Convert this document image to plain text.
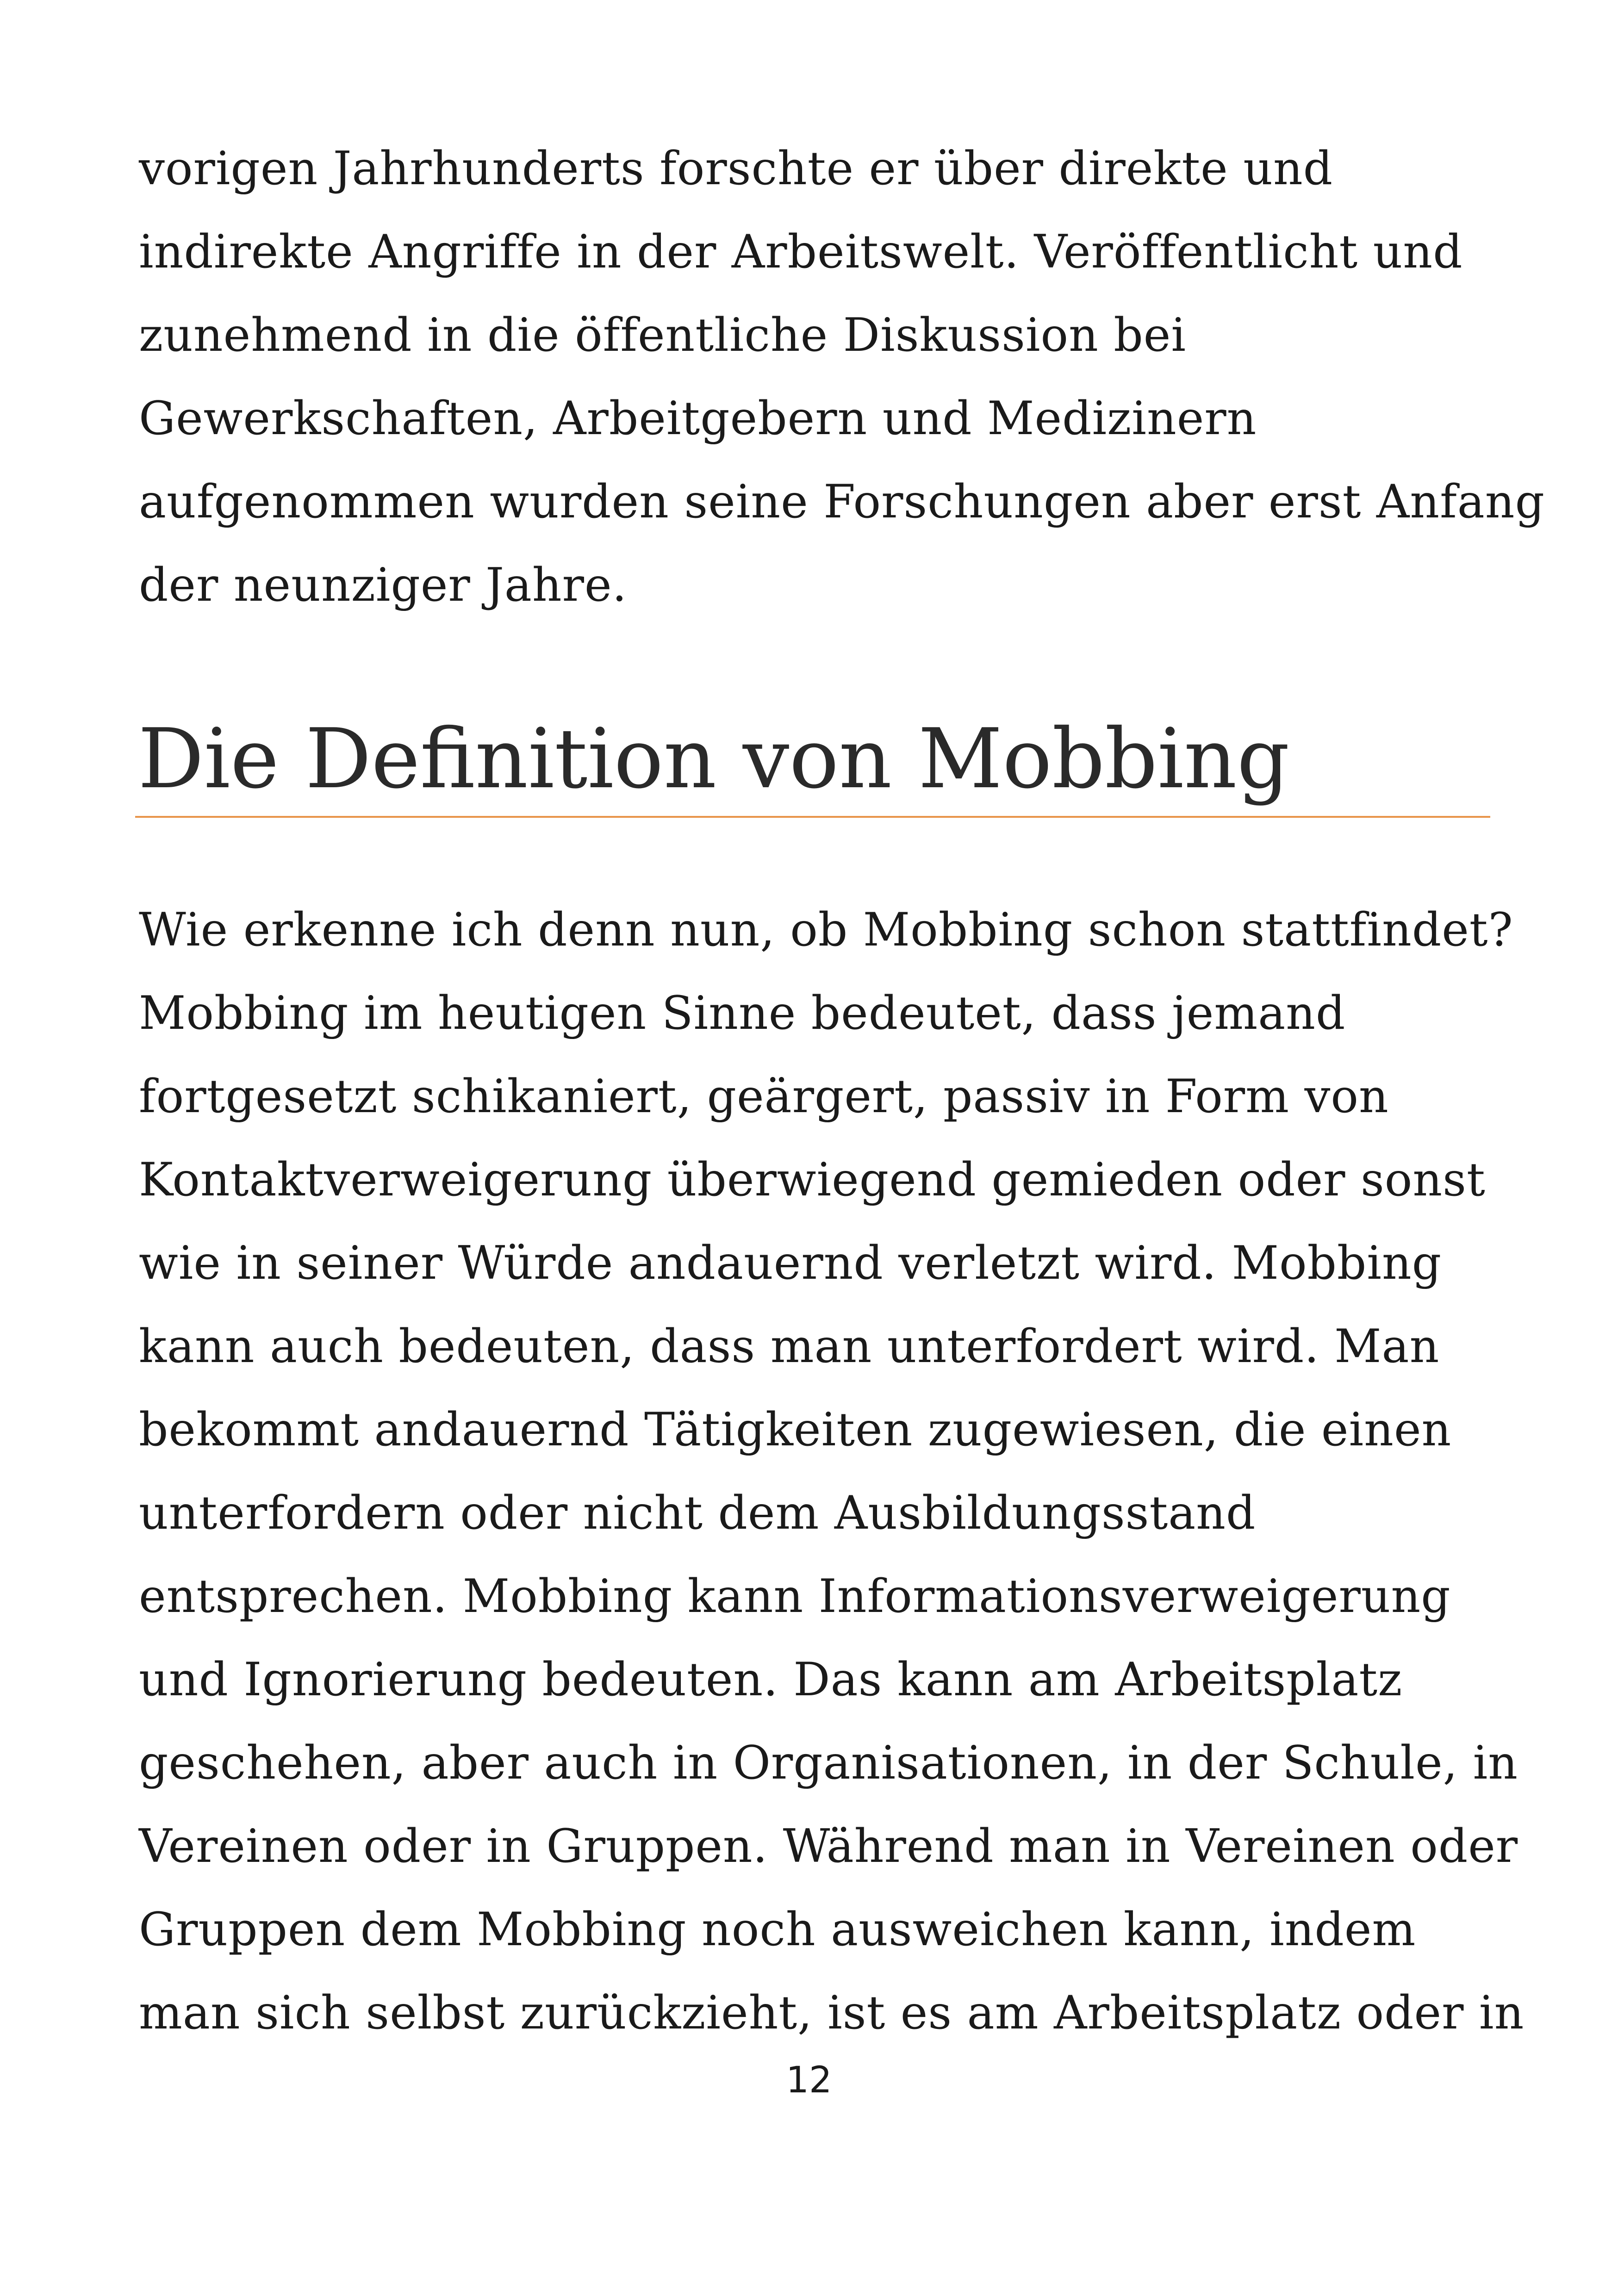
vorigen Jahrhunderts forschte er über direkte und
indirekte Angriffe in der Arbeitswelt. Veröffentlicht und
zunehmend in die öffentliche Diskussion bei
Gewerkschaften, Arbeitgebern und Medizinern
aufgenommen wurden seine Forschungen aber erst Anfang
der neunziger Jahre.
Die Definition von Mobbing
Wie erkenne ich denn nun, ob Mobbing schon stattfindet?
Mobbing im heutigen Sinne bedeutet, dass jemand
fortgesetzt schikaniert, geärgert, passiv in Form von
Kontaktverweigerung überwiegend gemieden oder sonst
wie in seiner Würde andauernd verletzt wird. Mobbing
kann auch bedeuten, dass man unterfordert wird. Man
bekommt andauernd Tätigkeiten zugewiesen, die einen
unterfordern oder nicht dem Ausbildungsstand
entsprechen. Mobbing kann Informationsverweigerung
und Ignorierung bedeuten. Das kann am Arbeitsplatz
geschehen, aber auch in Organisationen, in der Schule, in
Vereinen oder in Gruppen. Während man in Vereinen oder
Gruppen dem Mobbing noch ausweichen kann, indem
man sich selbst zurückzieht, ist es am Arbeitsplatz oder in
12
